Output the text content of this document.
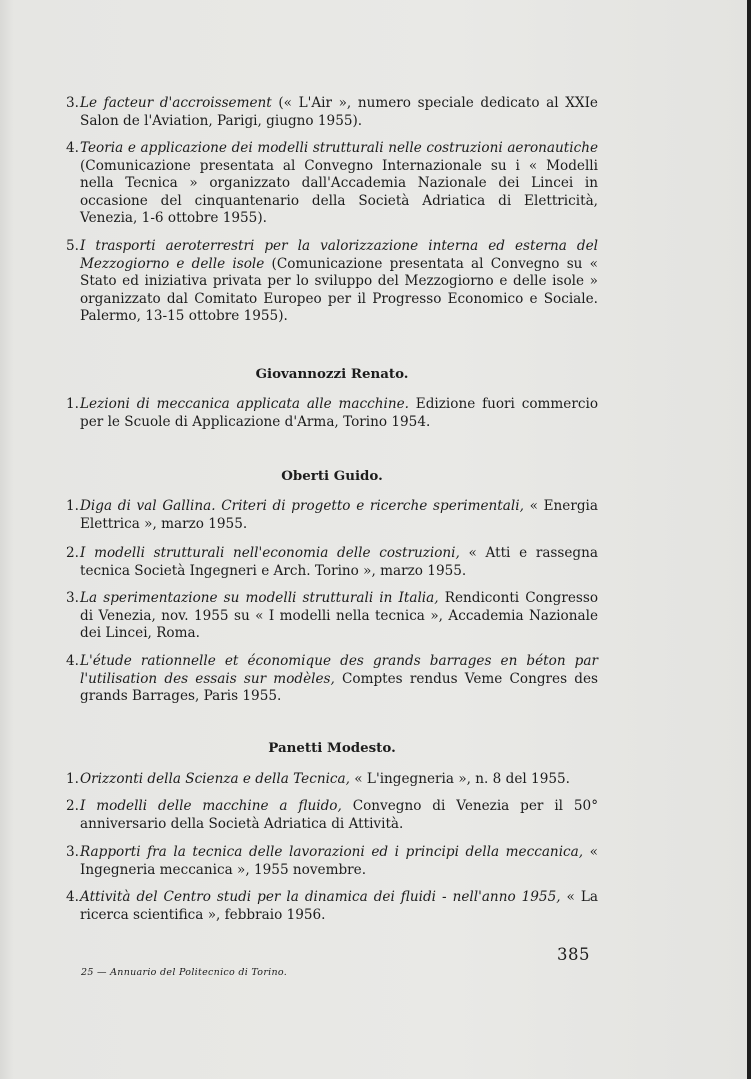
3. Le facteur d'accroissement (« L'Air », numero speciale dedicato al XXIe Salon de l'Aviation, Parigi, giugno 1955).
4. Teoria e applicazione dei modelli strutturali nelle costruzioni aeronautiche (Comunicazione presentata al Convegno Internazionale su i « Modelli nella Tecnica » organizzato dall'Accademia Nazionale dei Lincei in occasione del cinquantenario della Società Adriatica di Elettricità, Venezia, 1-6 ottobre 1955).
5. I trasporti aeroterrestri per la valorizzazione interna ed esterna del Mezzogiorno e delle isole (Comunicazione presentata al Convegno su « Stato ed iniziativa privata per lo sviluppo del Mezzogiorno e delle isole » organizzato dal Comitato Europeo per il Progresso Economico e Sociale. Palermo, 13-15 ottobre 1955).
Giovannozzi Renato.
1. Lezioni di meccanica applicata alle macchine. Edizione fuori commercio per le Scuole di Applicazione d'Arma, Torino 1954.
Oberti Guido.
1. Diga di val Gallina. Criteri di progetto e ricerche sperimentali, « Energia Elettrica », marzo 1955.
2. I modelli strutturali nell'economia delle costruzioni, « Atti e rassegna tecnica Società Ingegneri e Arch. Torino », marzo 1955.
3. La sperimentazione su modelli strutturali in Italia, Rendiconti Congresso di Venezia, nov. 1955 su « I modelli nella tecnica », Accademia Nazionale dei Lincei, Roma.
4. L'étude rationnelle et économique des grands barrages en béton par l'utilisation des essais sur modèles, Comptes rendus Veme Congres des grands Barrages, Paris 1955.
Panetti Modesto.
1. Orizzonti della Scienza e della Tecnica, « L'ingegneria », n. 8 del 1955.
2. I modelli delle macchine a fluido, Convegno di Venezia per il 50° anniversario della Società Adriatica di Attività.
3. Rapporti fra la tecnica delle lavorazioni ed i principi della meccanica, « Ingegneria meccanica », 1955 novembre.
4. Attività del Centro studi per la dinamica dei fluidi - nell'anno 1955, « La ricerca scientifica », febbraio 1956.
385
25 — Annuario del Politecnico di Torino.
